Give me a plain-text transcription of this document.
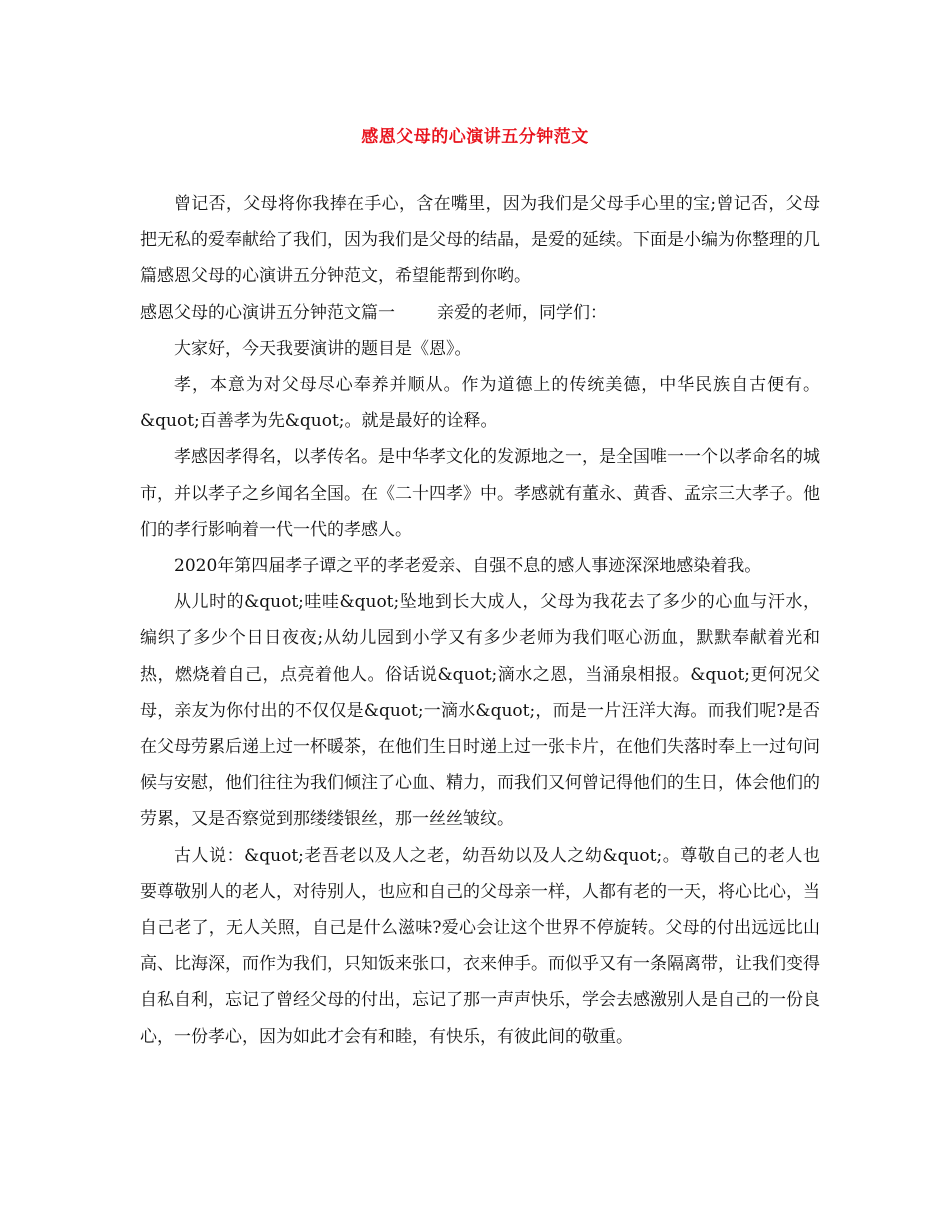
感恩父母的心演讲五分钟范文

曾记否，父母将你我捧在手心，含在嘴里，因为我们是父母手心里的宝;曾记否，父母把无私的爱奉献给了我们，因为我们是父母的结晶，是爱的延续。下面是小编为你整理的几篇感恩父母的心演讲五分钟范文，希望能帮到你哟。

感恩父母的心演讲五分钟范文篇一 亲爱的老师，同学们：

大家好，今天我要演讲的题目是《恩》。

孝，本意为对父母尽心奉养并顺从。作为道德上的传统美德，中华民族自古便有。&quot;百善孝为先&quot;。就是最好的诠释。

孝感因孝得名，以孝传名。是中华孝文化的发源地之一，是全国唯一一个以孝命名的城市，并以孝子之乡闻名全国。在《二十四孝》中。孝感就有董永、黄香、孟宗三大孝子。他们的孝行影响着一代一代的孝感人。

2020年第四届孝子谭之平的孝老爱亲、自强不息的感人事迹深深地感染着我。

从儿时的&quot;哇哇&quot;坠地到长大成人，父母为我花去了多少的心血与汗水，编织了多少个日日夜夜;从幼儿园到小学又有多少老师为我们呕心沥血，默默奉献着光和热，燃烧着自己，点亮着他人。俗话说&quot;滴水之恩，当涌泉相报。&quot;更何况父母，亲友为你付出的不仅仅是&quot;一滴水&quot;，而是一片汪洋大海。而我们呢?是否在父母劳累后递上过一杯暖茶，在他们生日时递上过一张卡片，在他们失落时奉上一过句问候与安慰，他们往往为我们倾注了心血、精力，而我们又何曾记得他们的生日，体会他们的劳累，又是否察觉到那缕缕银丝，那一丝丝皱纹。

古人说：&quot;老吾老以及人之老，幼吾幼以及人之幼&quot;。尊敬自己的老人也要尊敬别人的老人，对待别人，也应和自己的父母亲一样，人都有老的一天，将心比心，当自己老了，无人关照，自己是什么滋味?爱心会让这个世界不停旋转。父母的付出远远比山高、比海深，而作为我们，只知饭来张口，衣来伸手。而似乎又有一条隔离带，让我们变得自私自利，忘记了曾经父母的付出，忘记了那一声声快乐，学会去感激别人是自己的一份良心，一份孝心，因为如此才会有和睦，有快乐，有彼此间的敬重。
